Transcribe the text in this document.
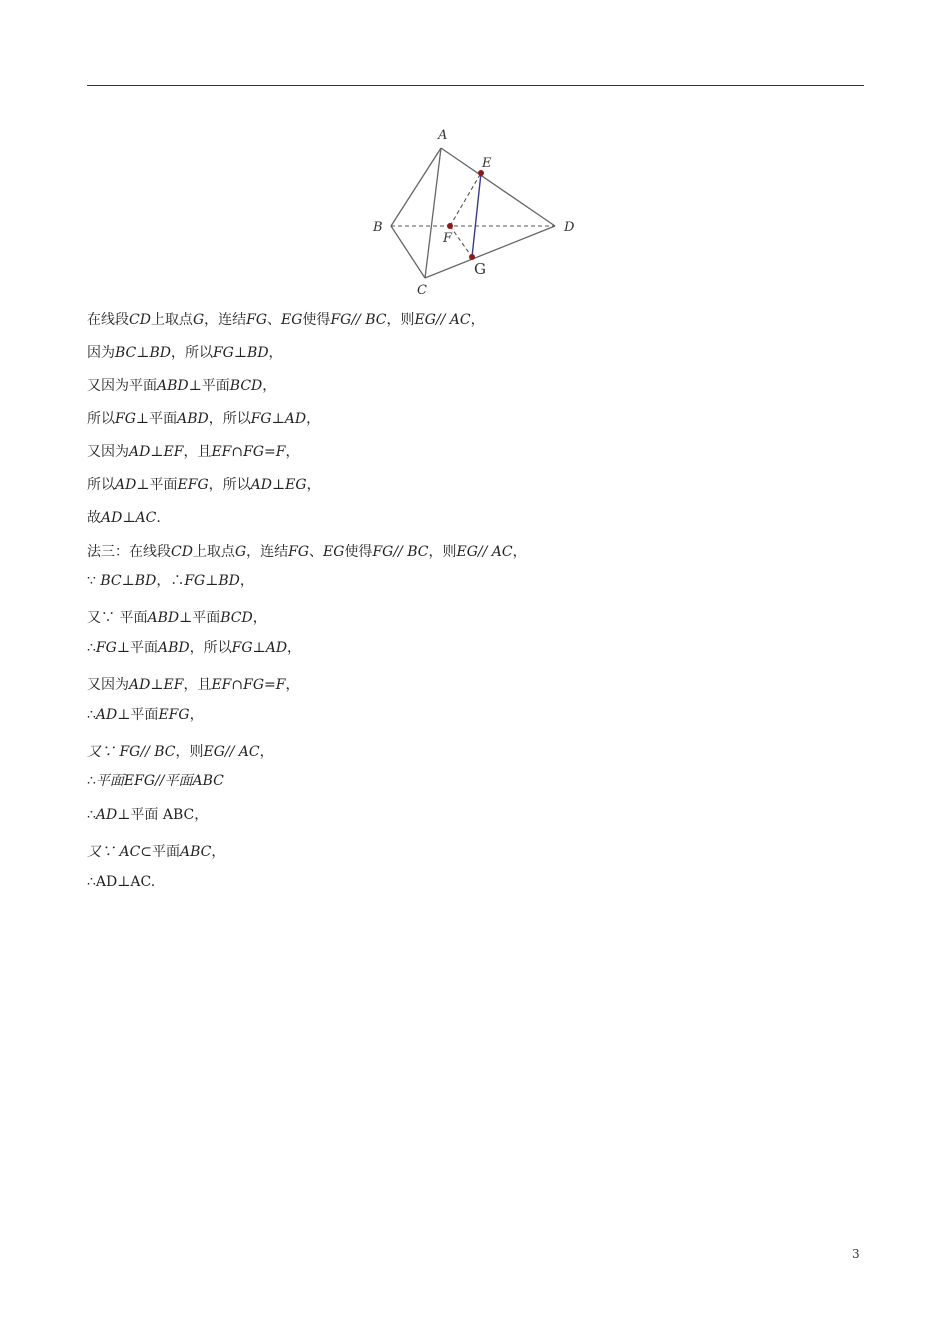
A
B
C
D
E
F
G
在线段CD上取点G，连结FG、EG使得FG// BC，则EG// AC，
因为BC⊥BD，所以FG⊥BD，
又因为平面ABD⊥平面BCD，
所以FG⊥平面ABD，所以FG⊥AD，
又因为AD⊥EF，且EF∩FG=F，
所以AD⊥平面EFG，所以AD⊥EG，
故AD⊥AC.
法三：在线段CD上取点G，连结FG、EG使得FG// BC，则EG// AC，
∵ BC⊥BD，∴FG⊥BD，
又∵ 平面ABD⊥平面BCD，
∴FG⊥平面ABD，所以FG⊥AD，
又因为AD⊥EF，且EF∩FG=F，
∴AD⊥平面EFG，
又∵ FG// BC，则EG// AC，
∴平面EFG//平面ABC
∴AD⊥平面 ABC，
又∵ AC⊂平面ABC，
∴AD⊥AC.
3
